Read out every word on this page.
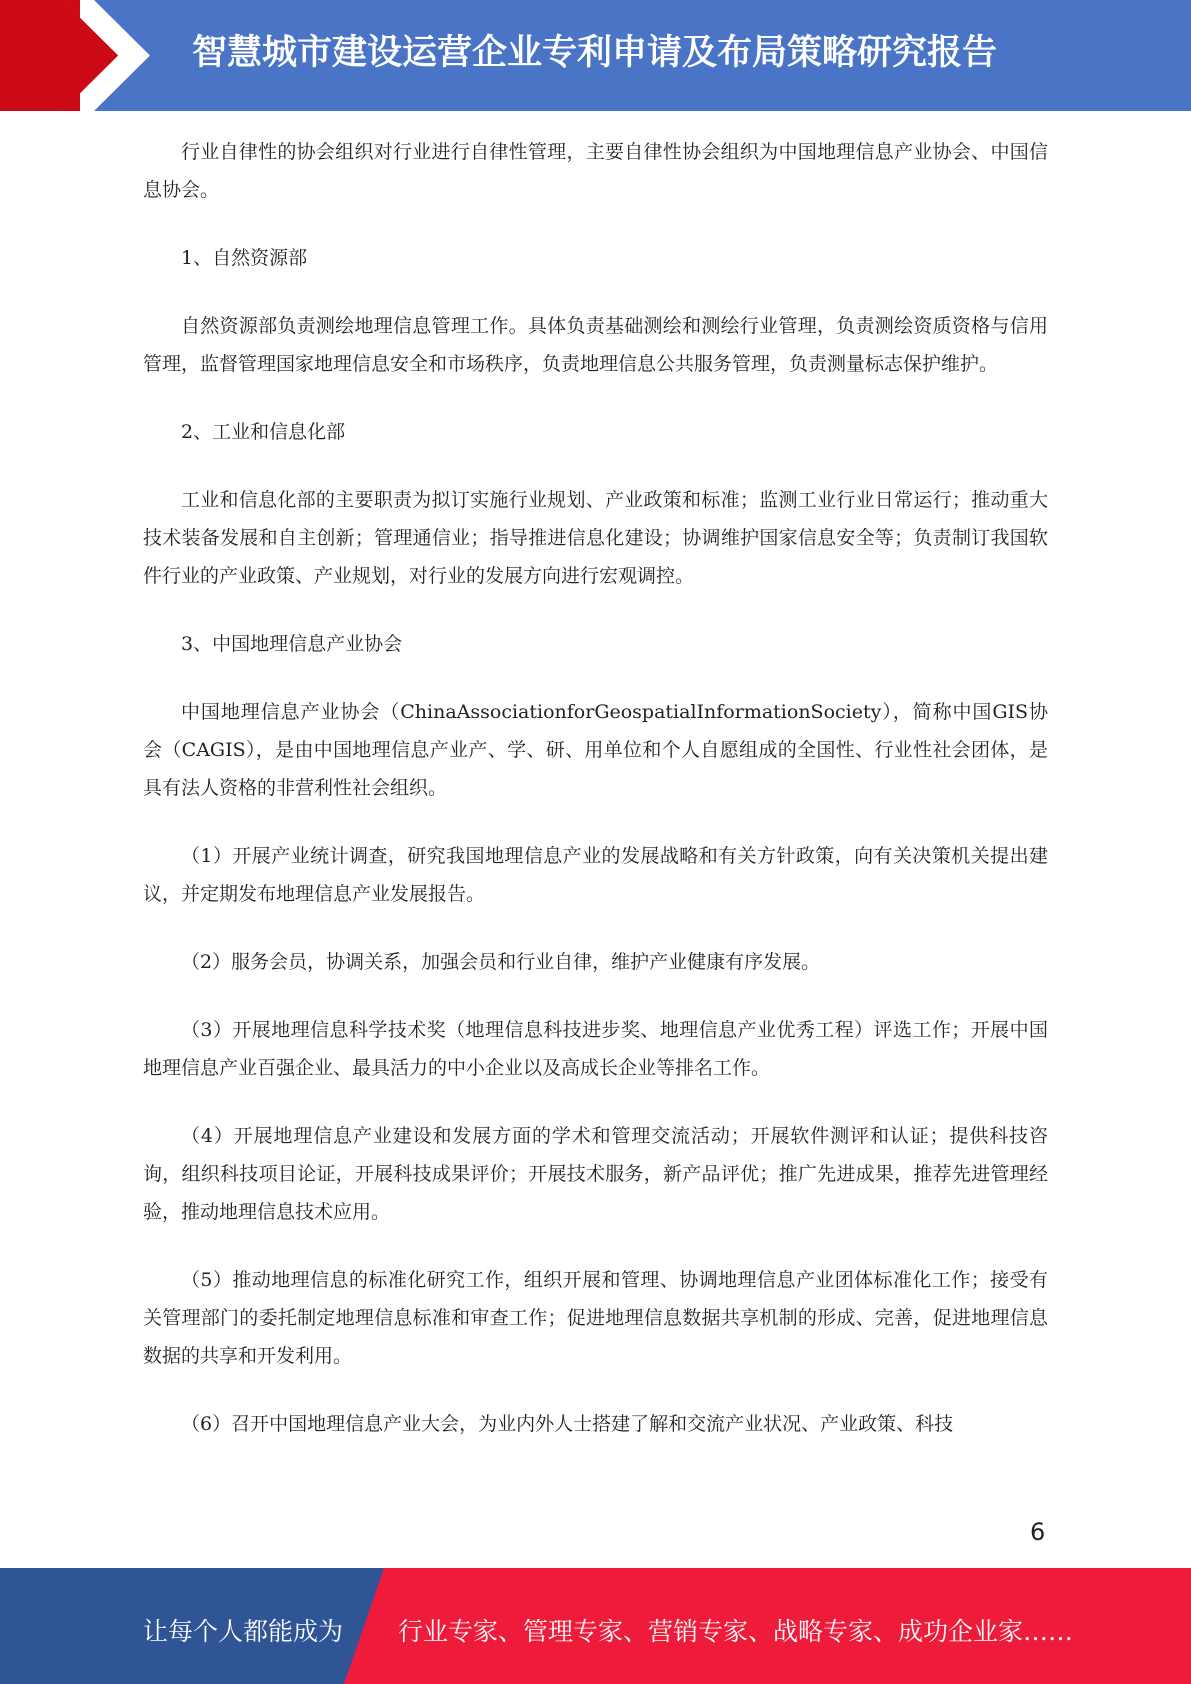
智慧城市建设运营企业专利申请及布局策略研究报告

行业自律性的协会组织对行业进行自律性管理，主要自律性协会组织为中国地理信息产业协会、中国信息协会。

1、自然资源部

自然资源部负责测绘地理信息管理工作。具体负责基础测绘和测绘行业管理，负责测绘资质资格与信用管理，监督管理国家地理信息安全和市场秩序，负责地理信息公共服务管理，负责测量标志保护维护。

2、工业和信息化部

工业和信息化部的主要职责为拟订实施行业规划、产业政策和标准；监测工业行业日常运行；推动重大技术装备发展和自主创新；管理通信业；指导推进信息化建设；协调维护国家信息安全等；负责制订我国软件行业的产业政策、产业规划，对行业的发展方向进行宏观调控。

3、中国地理信息产业协会

中国地理信息产业协会（ChinaAssociationforGeospatialInformationSociety），简称中国GIS协会（CAGIS），是由中国地理信息产业产、学、研、用单位和个人自愿组成的全国性、行业性社会团体，是具有法人资格的非营利性社会组织。

（1）开展产业统计调查，研究我国地理信息产业的发展战略和有关方针政策，向有关决策机关提出建议，并定期发布地理信息产业发展报告。

（2）服务会员，协调关系，加强会员和行业自律，维护产业健康有序发展。

（3）开展地理信息科学技术奖（地理信息科技进步奖、地理信息产业优秀工程）评选工作；开展中国地理信息产业百强企业、最具活力的中小企业以及高成长企业等排名工作。

（4）开展地理信息产业建设和发展方面的学术和管理交流活动；开展软件测评和认证；提供科技咨询，组织科技项目论证，开展科技成果评价；开展技术服务，新产品评优；推广先进成果，推荐先进管理经验，推动地理信息技术应用。

（5）推动地理信息的标准化研究工作，组织开展和管理、协调地理信息产业团体标准化工作；接受有关管理部门的委托制定地理信息标准和审查工作；促进地理信息数据共享机制的形成、完善，促进地理信息数据的共享和开发利用。

（6）召开中国地理信息产业大会，为业内外人士搭建了解和交流产业状况、产业政策、科技

6
让每个人都能成为 行业专家、管理专家、营销专家、战略专家、成功企业家……
